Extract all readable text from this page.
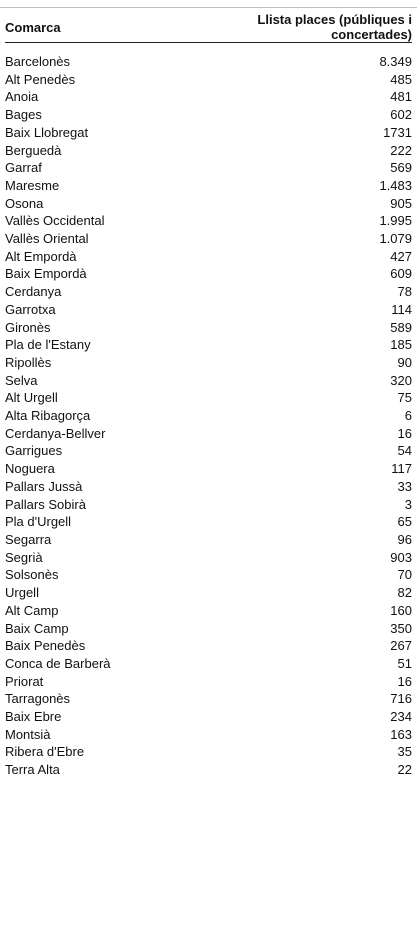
Comarca	Llista places (públiques i concertades)

Barcelonès	8.349
Alt Penedès	485
Anoia	481
Bages	602
Baix Llobregat	1731
Berguedà	222
Garraf	569
Maresme	1.483
Osona	905
Vallès Occidental	1.995
Vallès Oriental	1.079
Alt Empordà	427
Baix Empordà	609
Cerdanya	78
Garrotxa	114
Gironès	589
Pla de l'Estany	185
Ripollès	90
Selva	320
Alt Urgell	75
Alta Ribagorça	6
Cerdanya-Bellver	16
Garrigues	54
Noguera	117
Pallars Jussà	33
Pallars Sobirà	3
Pla d'Urgell	65
Segarra	96
Segrià	903
Solsonès	70
Urgell	82
Alt Camp	160
Baix Camp	350
Baix Penedès	267
Conca de Barberà	51
Priorat	16
Tarragonès	716
Baix Ebre	234
Montsià	163
Ribera d'Ebre	35
Terra Alta	22
